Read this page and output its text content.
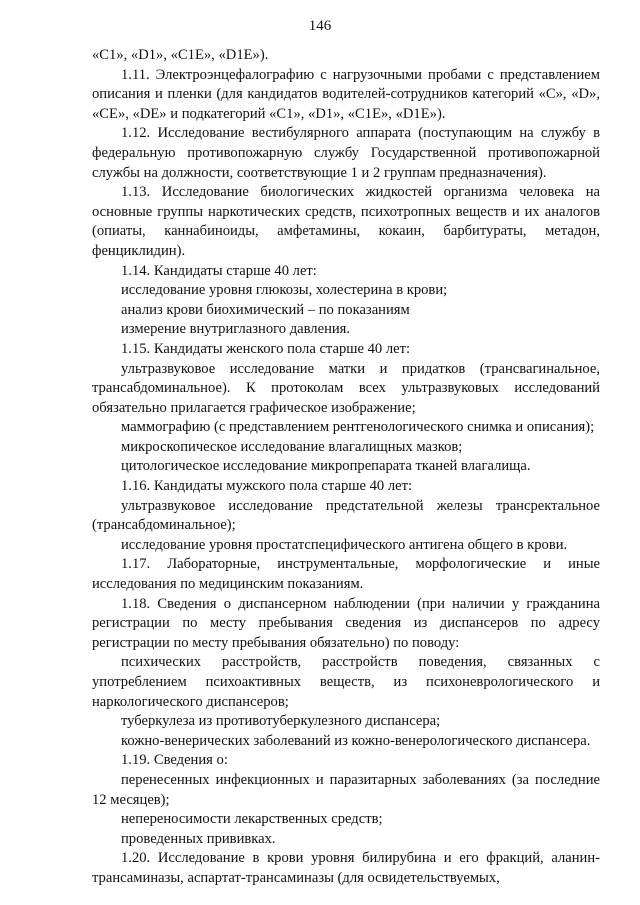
146

«С1», «D1», «C1E», «D1E»).

1.11. Электроэнцефалографию с нагрузочными пробами с представлением описания и пленки (для кандидатов водителей-сотрудников категорий «С», «D», «СЕ», «DE» и подкатегорий «С1», «D1», «C1E», «D1E»).

1.12. Исследование вестибулярного аппарата (поступающим на службу в федеральную противопожарную службу Государственной противопожарной службы на должности, соответствующие 1 и 2 группам предназначения).

1.13. Исследование биологических жидкостей организма человека на основные группы наркотических средств, психотропных веществ и их аналогов (опиаты, каннабиноиды, амфетамины, кокаин, барбитураты, метадон, фенциклидин).

1.14. Кандидаты старше 40 лет:

исследование уровня глюкозы, холестерина в крови;

анализ крови биохимический – по показаниям

измерение внутриглазного давления.

1.15. Кандидаты женского пола старше 40 лет:

ультразвуковое исследование матки и придатков (трансвагинальное, трансабдоминальное). К протоколам всех ультразвуковых исследований обязательно прилагается графическое изображение;

маммографию (с представлением рентгенологического снимка и описания);

микроскопическое исследование влагалищных мазков;

цитологическое исследование микропрепарата тканей влагалища.

1.16. Кандидаты мужского пола старше 40 лет:

ультразвуковое исследование предстательной железы трансректальное (трансабдоминальное);

исследование уровня простатспецифического антигена общего в крови.

1.17. Лабораторные, инструментальные, морфологические и иные исследования по медицинским показаниям.

1.18. Сведения о диспансерном наблюдении (при наличии у гражданина регистрации по месту пребывания сведения из диспансеров по адресу регистрации по месту пребывания обязательно) по поводу:

психических расстройств, расстройств поведения, связанных с употреблением психоактивных веществ, из психоневрологического и наркологического диспансеров;

туберкулеза из противотуберкулезного диспансера;

кожно-венерических заболеваний из кожно-венерологического диспансера.

1.19. Сведения о:

перенесенных инфекционных и паразитарных заболеваниях (за последние 12 месяцев);

непереносимости лекарственных средств;

проведенных прививках.

1.20. Исследование в крови уровня билирубина и его фракций, аланин-трансаминазы, аспартат-трансаминазы (для освидетельствуемых,
